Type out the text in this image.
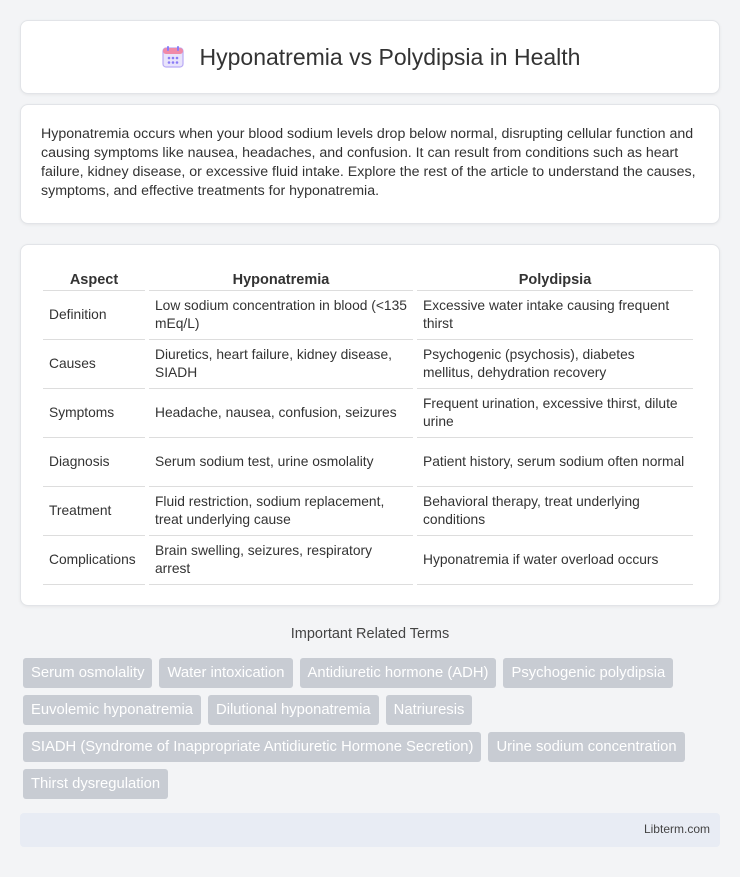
Hyponatremia vs Polydipsia in Health

Hyponatremia occurs when your blood sodium levels drop below normal, disrupting cellular function and causing symptoms like nausea, headaches, and confusion. It can result from conditions such as heart failure, kidney disease, or excessive fluid intake. Explore the rest of the article to understand the causes, symptoms, and effective treatments for hyponatremia.

Aspect	Hyponatremia	Polydipsia
Definition	Low sodium concentration in blood (<135 mEq/L)	Excessive water intake causing frequent thirst
Causes	Diuretics, heart failure, kidney disease, SIADH	Psychogenic (psychosis), diabetes mellitus, dehydration recovery
Symptoms	Headache, nausea, confusion, seizures	Frequent urination, excessive thirst, dilute urine
Diagnosis	Serum sodium test, urine osmolality	Patient history, serum sodium often normal
Treatment	Fluid restriction, sodium replacement, treat underlying cause	Behavioral therapy, treat underlying conditions
Complications	Brain swelling, seizures, respiratory arrest	Hyponatremia if water overload occurs
Important Related Terms
Serum osmolality	Water intoxication	Antidiuretic hormone (ADH)	Psychogenic polydipsia
Euvolemic hyponatremia	Dilutional hyponatremia	Natriuresis
SIADH (Syndrome of Inappropriate Antidiuretic Hormone Secretion)	Urine sodium concentration
Thirst dysregulation
Libterm.com
